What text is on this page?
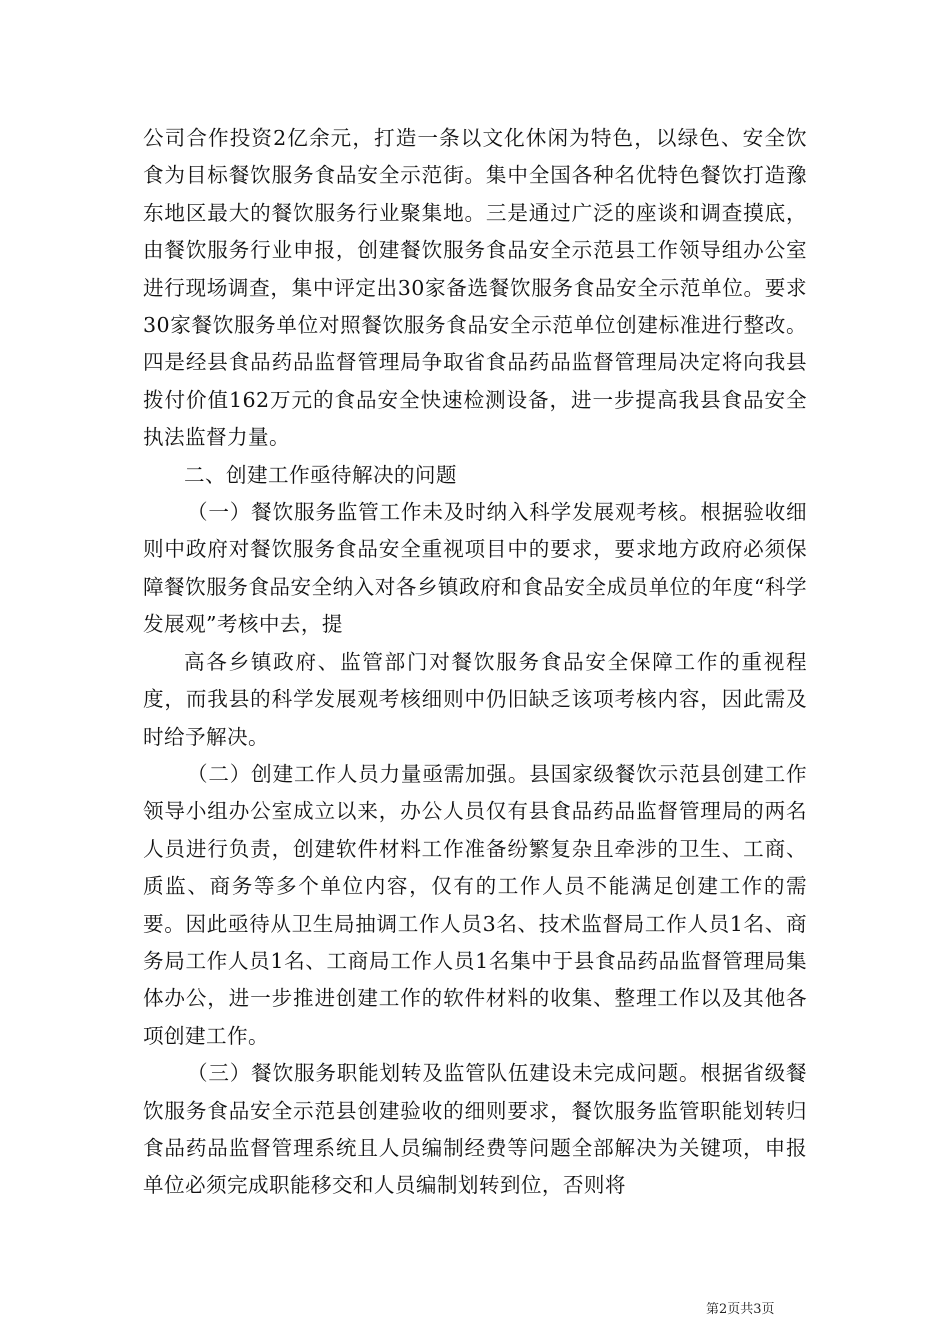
公司合作投资2亿余元，打造一条以文化休闲为特色，以绿色、安全饮食为目标餐饮服务食品安全示范街。集中全国各种名优特色餐饮打造豫东地区最大的餐饮服务行业聚集地。三是通过广泛的座谈和调查摸底，由餐饮服务行业申报，创建餐饮服务食品安全示范县工作领导组办公室进行现场调查，集中评定出30家备选餐饮服务食品安全示范单位。要求30家餐饮服务单位对照餐饮服务食品安全示范单位创建标准进行整改。四是经县食品药品监督管理局争取省食品药品监督管理局决定将向我县拨付价值162万元的食品安全快速检测设备，进一步提高我县食品安全执法监督力量。

二、创建工作亟待解决的问题

（一）餐饮服务监管工作未及时纳入科学发展观考核。根据验收细则中政府对餐饮服务食品安全重视项目中的要求，要求地方政府必须保障餐饮服务食品安全纳入对各乡镇政府和食品安全成员单位的年度“科学发展观”考核中去，提

高各乡镇政府、监管部门对餐饮服务食品安全保障工作的重视程度，而我县的科学发展观考核细则中仍旧缺乏该项考核内容，因此需及时给予解决。

（二）创建工作人员力量亟需加强。县国家级餐饮示范县创建工作领导小组办公室成立以来，办公人员仅有县食品药品监督管理局的两名人员进行负责，创建软件材料工作准备纷繁复杂且牵涉的卫生、工商、质监、商务等多个单位内容，仅有的工作人员不能满足创建工作的需要。因此亟待从卫生局抽调工作人员3名、技术监督局工作人员1名、商务局工作人员1名、工商局工作人员1名集中于县食品药品监督管理局集体办公，进一步推进创建工作的软件材料的收集、整理工作以及其他各项创建工作。

（三）餐饮服务职能划转及监管队伍建设未完成问题。根据省级餐饮服务食品安全示范县创建验收的细则要求，餐饮服务监管职能划转归食品药品监督管理系统且人员编制经费等问题全部解决为关键项，申报单位必须完成职能移交和人员编制划转到位，否则将

第2页共3页
